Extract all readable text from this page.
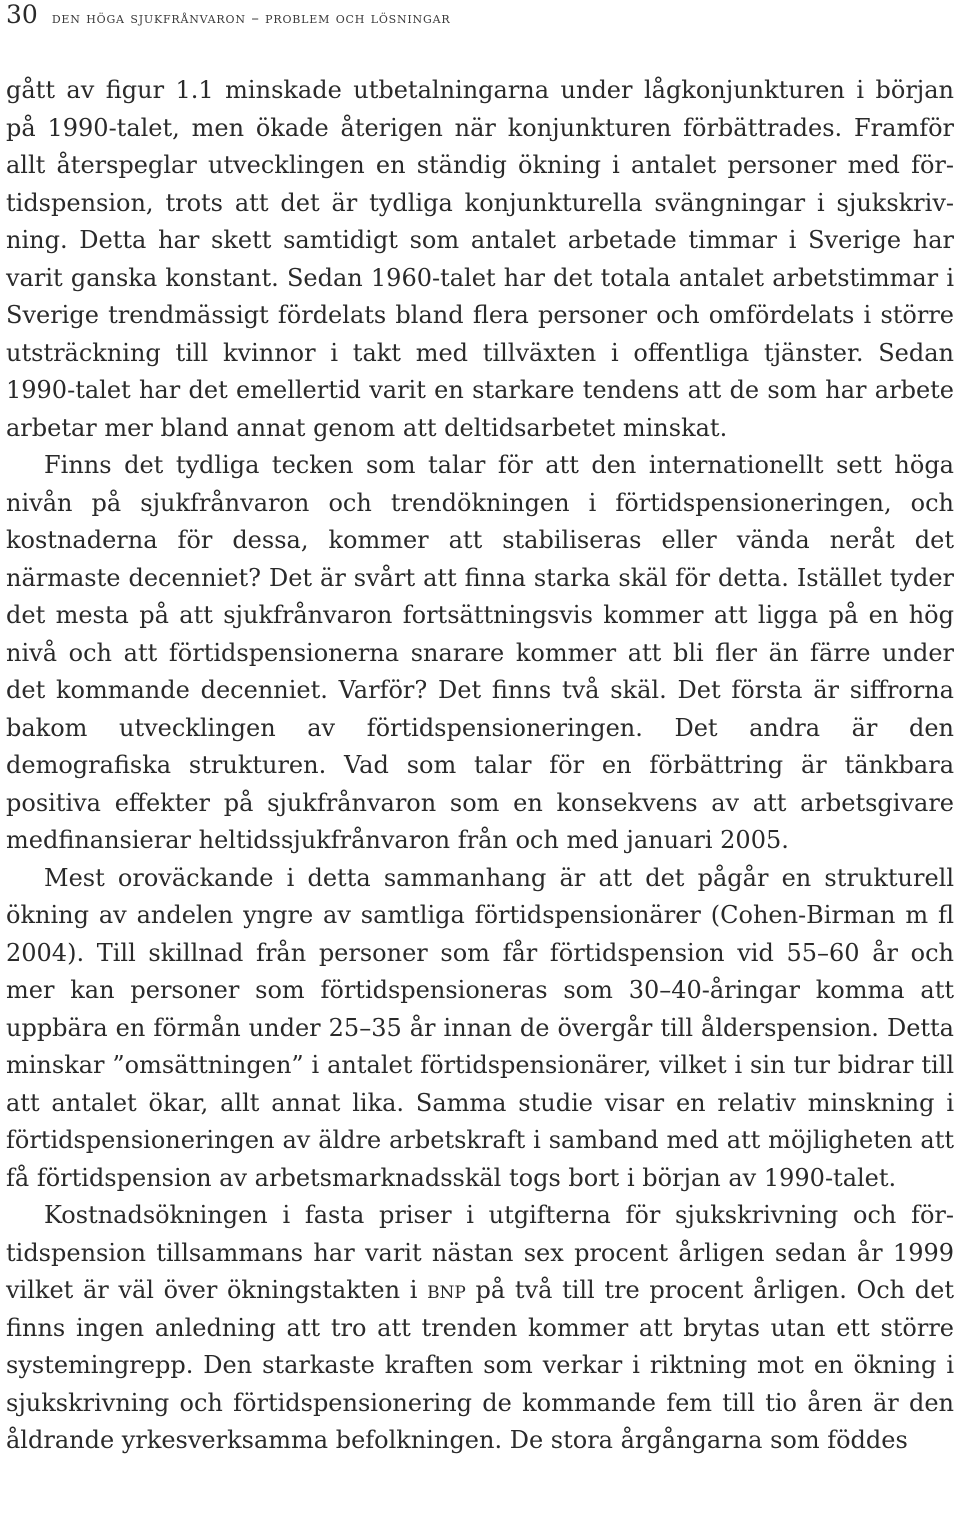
30 den höga sjukfrånvaron – problem och lösningar

gått av figur 1.1 minskade utbetalningarna under lågkonjunkturen i början på 1990-talet, men ökade återigen när konjunkturen förbättrades. Framför allt återspeglar utvecklingen en ständig ökning i antalet personer med förtidspension, trots att det är tydliga konjunkturella svängningar i sjukskrivning. Detta har skett samtidigt som antalet arbetade timmar i Sverige har varit ganska konstant. Sedan 1960-talet har det totala antalet arbetstimmar i Sverige trendmässigt fördelats bland flera personer och omfördelats i större utsträckning till kvinnor i takt med tillväxten i offentliga tjänster. Sedan 1990-talet har det emellertid varit en starkare tendens att de som har arbete arbetar mer bland annat genom att deltidsarbetet minskat.

Finns det tydliga tecken som talar för att den internationellt sett höga nivån på sjukfrånvaron och trendökningen i förtidspensioneringen, och kostnaderna för dessa, kommer att stabiliseras eller vända neråt det närmaste decenniet? Det är svårt att finna starka skäl för detta. Istället tyder det mesta på att sjukfrånvaron fortsättningsvis kommer att ligga på en hög nivå och att förtidspensionerna snarare kommer att bli fler än färre under det kommande decenniet. Varför? Det finns två skäl. Det första är siffrorna bakom utvecklingen av förtidspensioneringen. Det andra är den demografiska strukturen. Vad som talar för en förbättring är tänkbara positiva effekter på sjukfrånvaron som en konsekvens av att arbetsgivare medfinansierar heltidssjukfrånvaron från och med januari 2005.

Mest oroväckande i detta sammanhang är att det pågår en strukturell ökning av andelen yngre av samtliga förtidspensionärer (Cohen-Birman m fl 2004). Till skillnad från personer som får förtidspension vid 55–60 år och mer kan personer som förtidspensioneras som 30–40-åringar komma att uppbära en förmån under 25–35 år innan de övergår till ålderspension. Detta minskar ”omsättningen” i antalet förtidspensionärer, vilket i sin tur bidrar till att antalet ökar, allt annat lika. Samma studie visar en relativ minskning i förtidspensioneringen av äldre arbetskraft i samband med att möjligheten att få förtidspension av arbetsmarknadsskäl togs bort i början av 1990-talet.

Kostnadsökningen i fasta priser i utgifterna för sjukskrivning och förtidspension tillsammans har varit nästan sex procent årligen sedan år 1999 vilket är väl över ökningstakten i bnp på två till tre procent årligen. Och det finns ingen anledning att tro att trenden kommer att brytas utan ett större systemingrepp. Den starkaste kraften som verkar i riktning mot en ökning i sjukskrivning och förtidspensionering de kommande fem till tio åren är den åldrande yrkesverksamma befolkningen. De stora årgångarna som föddes
